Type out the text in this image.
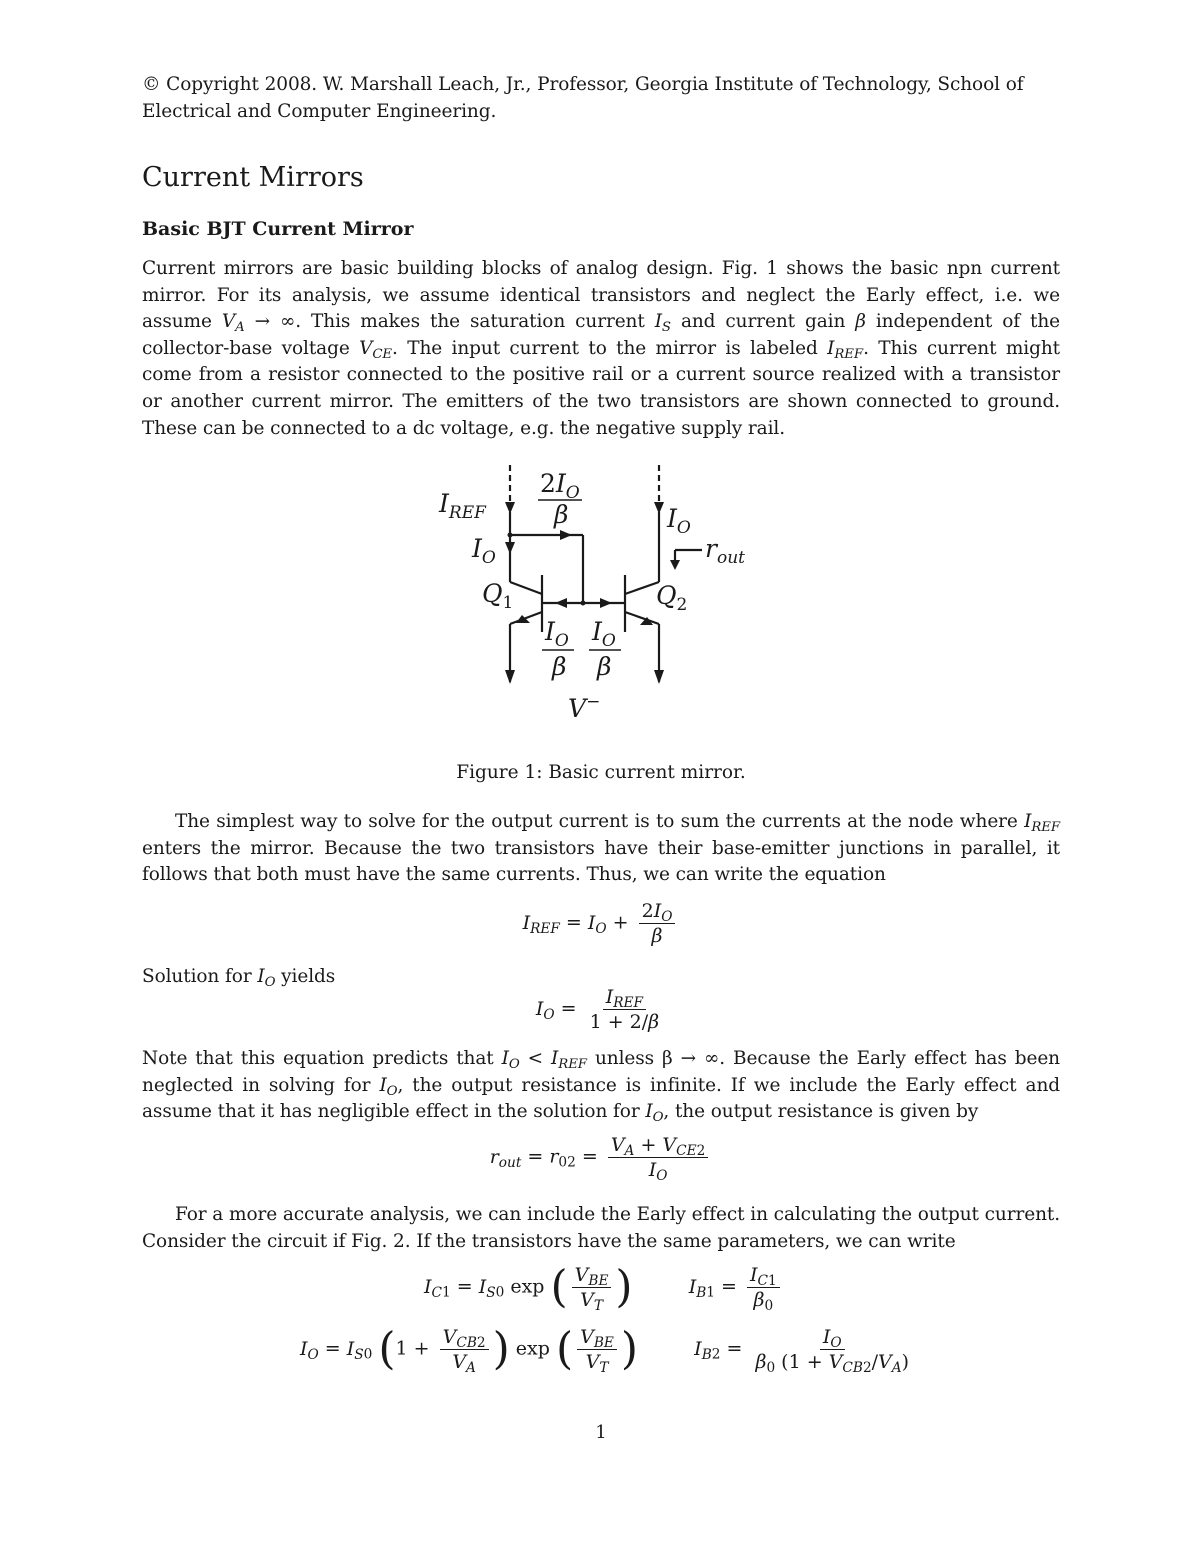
© Copyright 2008. W. Marshall Leach, Jr., Professor, Georgia Institute of Technology, School of Electrical and Computer Engineering.

Current Mirrors
Basic BJT Current Mirror

Current mirrors are basic building blocks of analog design. Fig. 1 shows the basic npn current mirror. For its analysis, we assume identical transistors and neglect the Early effect, i.e. we assume $V_A$ → ∞. This makes the saturation current $I_S$ and current gain β independent of the collector-base voltage $V_{CE}$. The input current to the mirror is labeled $I_{REF}$. This current might come from a resistor connected to the positive rail or a current source realized with a transistor or another current mirror. The emitters of the two transistors are shown connected to ground. These can be connected to a dc voltage, e.g. the negative supply rail.

$I_{REF}$
$I_O$
$Q_1$
$I_O$
$r_{out}$
$Q_2$
V−
$2I_O$
β
$I_O$
β
$I_O$
β
Figure 1: Basic current mirror.

The simplest way to solve for the output current is to sum the currents at the node where $I_{REF}$ enters the mirror. Because the two transistors have their base-emitter junctions in parallel, it follows that both must have the same currents. Thus, we can write the equation

$I_{REF} = I_O + \frac{2I_O}{\beta}$

Solution for $I_O$ yields

$I_O = \frac{I_{REF}}{1 + 2/\beta}$

Note that this equation predicts that $I_O < I_{REF}$ unless β → ∞. Because the Early effect has been neglected in solving for $I_O$, the output resistance is infinite. If we include the Early effect and assume that it has negligible effect in the solution for $I_O$, the output resistance is given by

$r_{out} = r_{02} = \frac{V_A + V_{CE2}}{I_O}$

For a more accurate analysis, we can include the Early effect in calculating the output current. Consider the circuit if Fig. 2. If the transistors have the same parameters, we can write

$I_{C1} = I_{S0}$ exp ( $\frac{V_{BE}}{V_T}$ )	$I_{B1} = \frac{I_{C1}}{\beta_0}$
$I_O = I_{S0}$ ($1 + \frac{V_{CB2}}{V_A}$ ) exp ( $\frac{V_{BE}}{V_T}$ )	$I_{B2} = \frac{I_O}{\beta_0 (1 + V_{CB2}/V_A)}$
1
